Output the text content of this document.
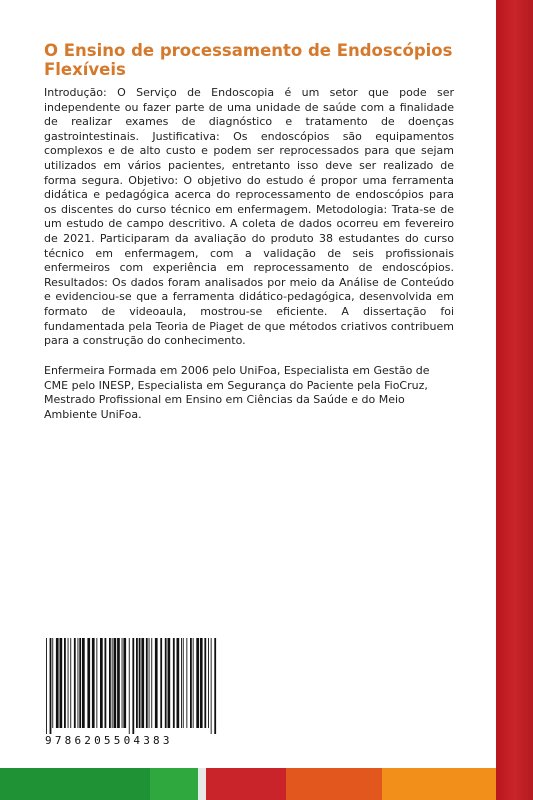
O Ensino de processamento de Endoscópios Flexíveis

Introdução: O Serviço de Endoscopia é um setor que pode ser independente ou fazer parte de uma unidade de saúde com a finalidade de realizar exames de diagnóstico e tratamento de doenças gastrointestinais. Justificativa: Os endoscópios são equipamentos complexos e de alto custo e podem ser reprocessados para que sejam utilizados em vários pacientes, entretanto isso deve ser realizado de forma segura. Objetivo: O objetivo do estudo é propor uma ferramenta didática e pedagógica acerca do reprocessamento de endoscópios para os discentes do curso técnico em enfermagem. Metodologia: Trata-se de um estudo de campo descritivo. A coleta de dados ocorreu em fevereiro de 2021. Participaram da avaliação do produto 38 estudantes do curso técnico em enfermagem, com a validação de seis profissionais enfermeiros com experiência em reprocessamento de endoscópios. Resultados: Os dados foram analisados por meio da Análise de Conteúdo e evidenciou-se que a ferramenta didático-pedagógica, desenvolvida em formato de videoaula, mostrou-se eficiente. A dissertação foi fundamentada pela Teoria de Piaget de que métodos criativos contribuem para a construção do conhecimento.

Enfermeira Formada em 2006 pelo UniFoa, Especialista em Gestão de CME pelo INESP, Especialista em Segurança do Paciente pela FioCruz, Mestrado Profissional em Ensino em Ciências da Saúde e do Meio Ambiente UniFoa.

9786205504383
